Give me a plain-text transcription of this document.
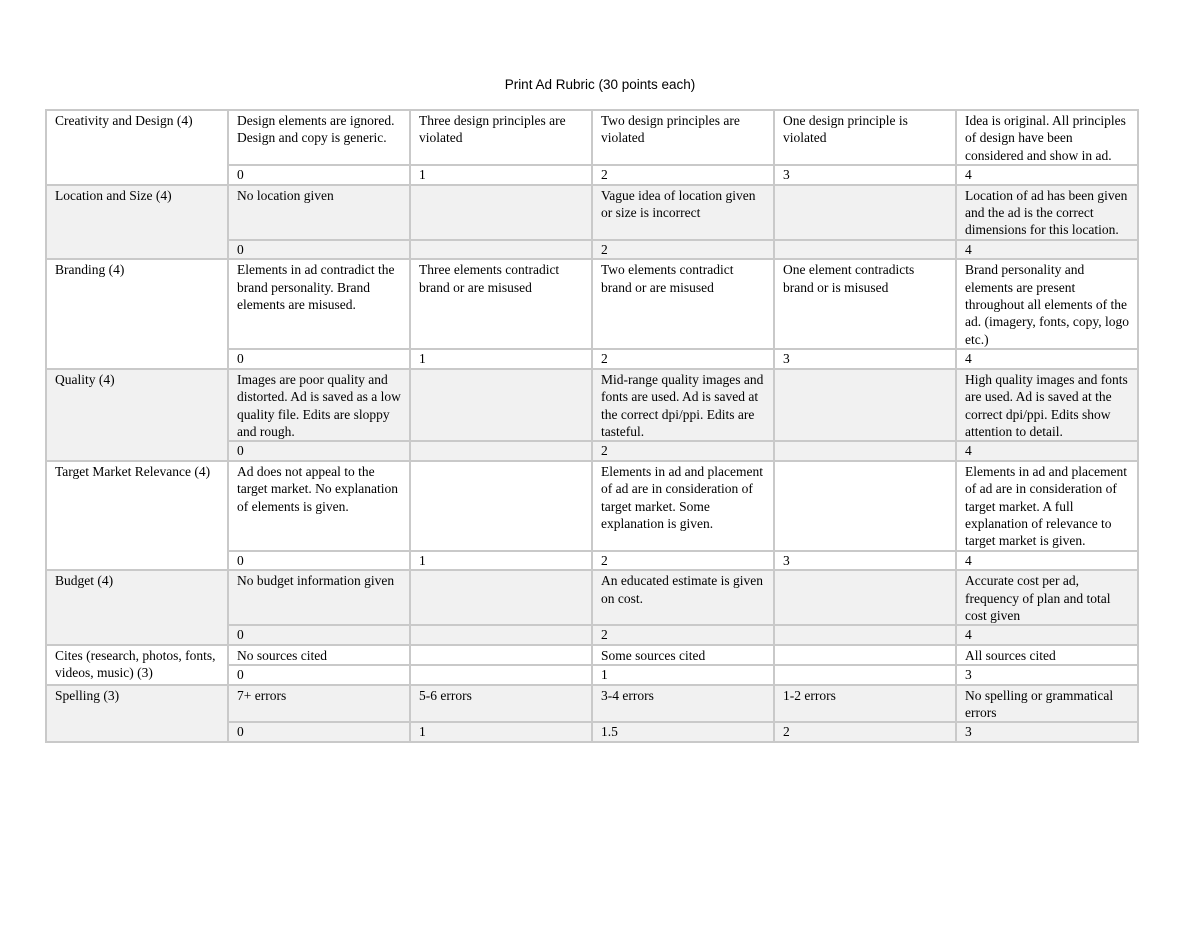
Print Ad Rubric (30 points each)
Creativity and Design (4)	Design elements are ignored. Design and copy is generic.	Three design principles are violated	Two design principles are violated	One design principle is violated	Idea is original. All principles of design have been considered and show in ad.
	0	1	2	3	4
Location and Size (4)	No location given		Vague idea of location given or size is incorrect		Location of ad has been given and the ad is the correct dimensions for this location.
	0		2		4
Branding (4)	Elements in ad contradict the brand personality. Brand elements are misused.	Three elements contradict brand or are misused	Two elements contradict brand or are misused	One element contradicts brand or is misused	Brand personality and elements are present throughout all elements of the ad. (imagery, fonts, copy, logo etc.)
	0	1	2	3	4
Quality (4)	Images are poor quality and distorted. Ad is saved as a low quality file. Edits are sloppy and rough.		Mid-range quality images and fonts are used. Ad is saved at the correct dpi/ppi. Edits are tasteful.		High quality images and fonts are used. Ad is saved at the correct dpi/ppi. Edits show attention to detail.
	0		2		4
Target Market Relevance (4)	Ad does not appeal to the target market. No explanation of elements is given.		Elements in ad and placement of ad are in consideration of target market. Some explanation is given.		Elements in ad and placement of ad are in consideration of target market. A full explanation of relevance to target market is given.
	0	1	2	3	4
Budget (4)	No budget information given		An educated estimate is given on cost.		Accurate cost per ad, frequency of plan and total cost given
	0		2		4
Cites (research, photos, fonts, videos, music) (3)	No sources cited		Some sources cited		All sources cited
	0		1		3
Spelling (3)	7+ errors	5-6 errors	3-4 errors	1-2 errors	No spelling or grammatical errors
	0	1	1.5	2	3
